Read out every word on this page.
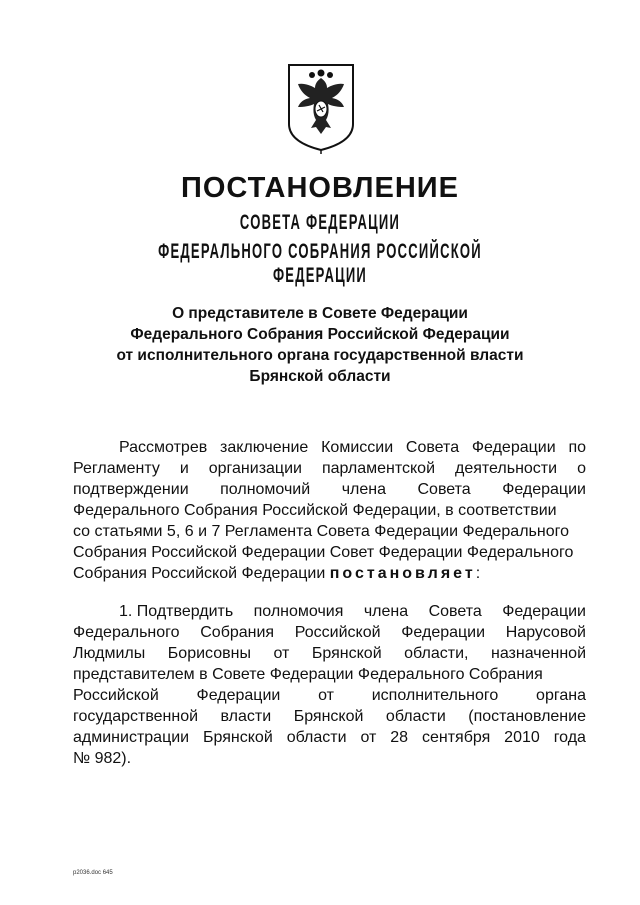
ПОСТАНОВЛЕНИЕ
СОВЕТА ФЕДЕРАЦИИ
ФЕДЕРАЛЬНОГО СОБРАНИЯ РОССИЙСКОЙ ФЕДЕРАЦИИ
О представителе в Совете Федерации
Федерального Собрания Российской Федерации
от исполнительного органа государственной власти
Брянской области
Рассмотрев заключение Комиссии Совета Федерации по
Регламенту и организации парламентской деятельности о
подтверждении полномочий члена Совета Федерации
Федерального Собрания Российской Федерации, в соответствии
со статьями 5, 6 и 7 Регламента Совета Федерации Федерального
Собрания Российской Федерации Совет Федерации Федерального
Собрания Российской Федерации
постановляет :
1. Подтвердить полномочия члена Совета Федерации
Федерального Собрания Российской Федерации Нарусовой
Людмилы Борисовны от Брянской области, назначенной
представителем в Совете Федерации Федерального Собрания
Российской Федерации от исполнительного органа
государственной власти Брянской области (постановление
администрации Брянской области от 28 сентября 2010 года
№ 982).
p2036.doc 645
